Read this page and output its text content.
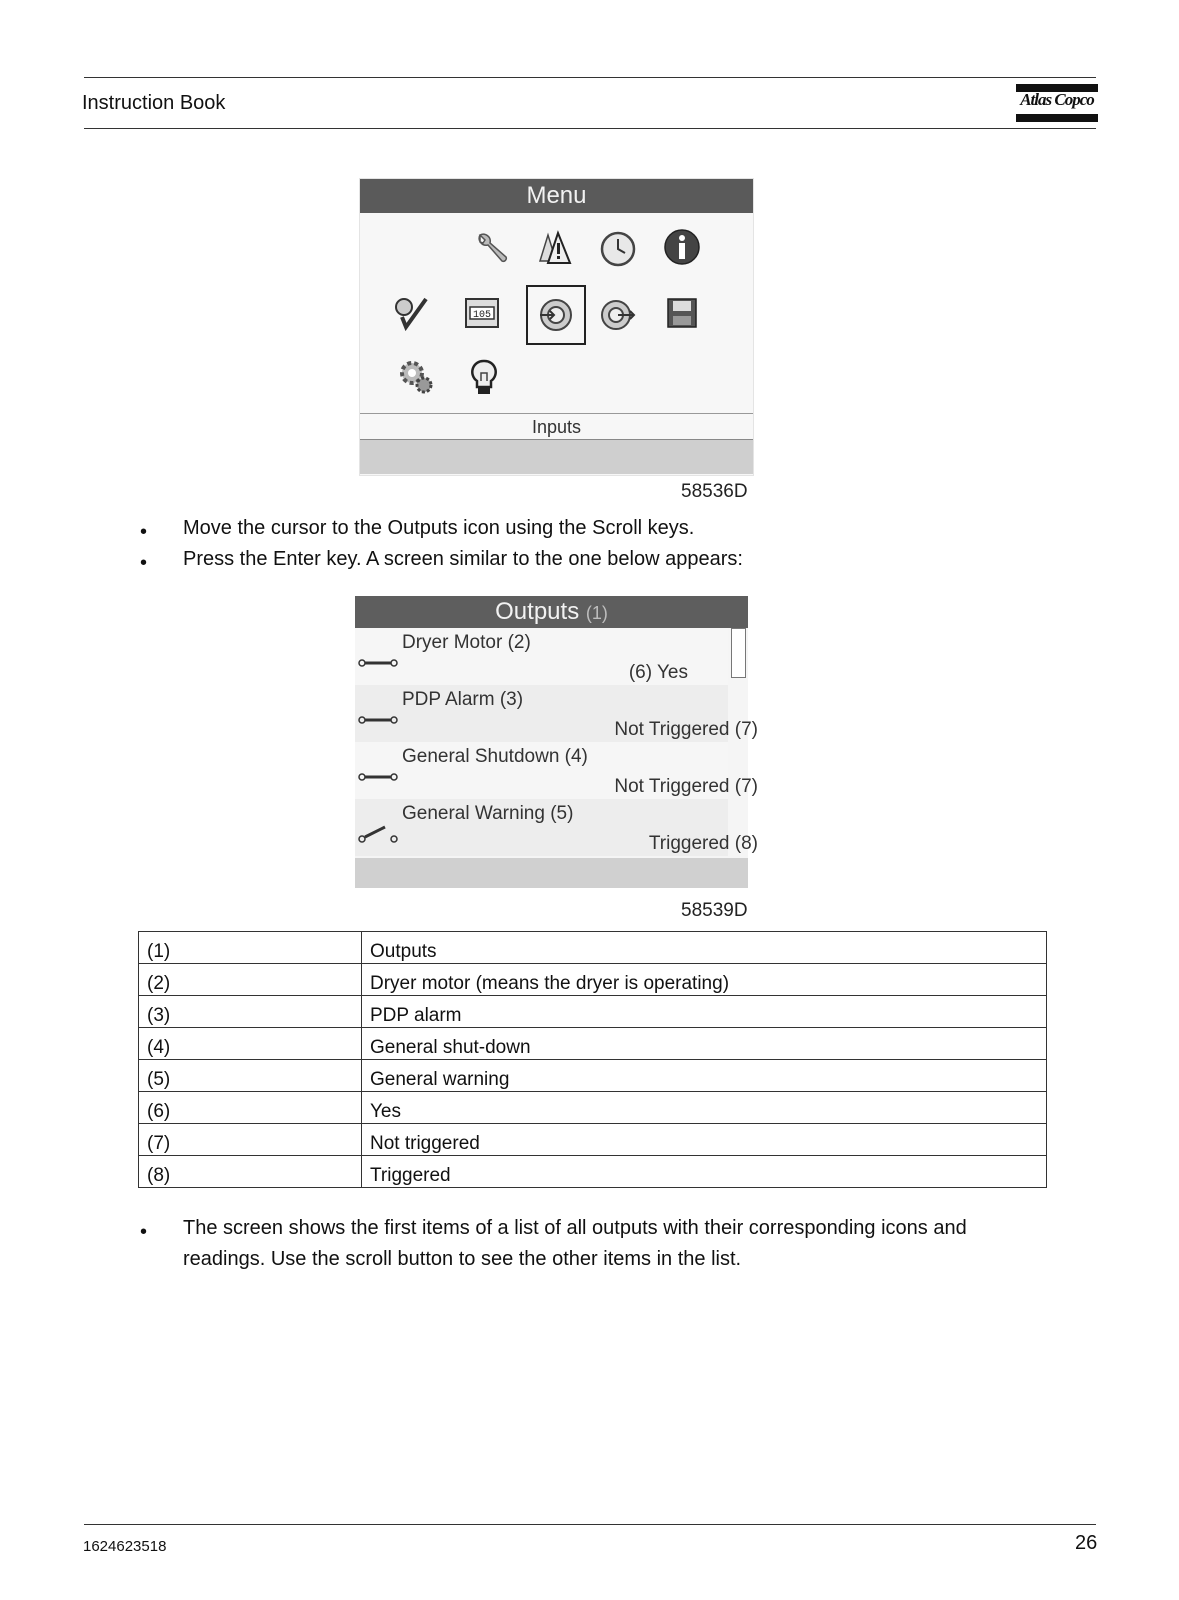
Instruction Book	Atlas Copco
Menu
105
Inputs
58536D
• Move the cursor to the Outputs icon using the Scroll keys.
• Press the Enter key. A screen similar to the one below appears:
Outputs (1)
Dryer Motor (2)
(6) Yes
PDP Alarm (3)
Not Triggered (7)
General Shutdown (4)
Not Triggered (7)
General Warning (5)
Triggered (8)
58539D
(1)	Outputs
(2)	Dryer motor (means the dryer is operating)
(3)	PDP alarm
(4)	General shut-down
(5)	General warning
(6)	Yes
(7)	Not triggered
(8)	Triggered
• The screen shows the first items of a list of all outputs with their corresponding icons and readings. Use the scroll button to see the other items in the list.
1624623518	26
